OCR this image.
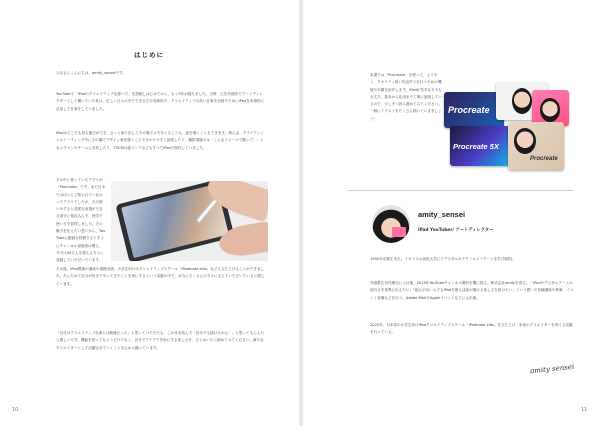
はじめに
みなさんこんにちは、amity_senseiです。
YouTubeで「iPadのクリエイティブな使い方」を投稿しはじめてから、もう3年が経ちました。当時、広告代理店でアートディレクターとして働いていた私は、忙しい日々の中でできるだけ効率的で、クリエイティブの高い仕事を目指すためにiPadを本格的に活用して仕事をしていました。
iPadはどこでも持ち運びができ、さっと取り出してその場でメモをとることも、絵を描くこともできます。例えば、クライアントとのミーティング中にその場でデザイン案を描くことで分かりやすく説明したり、撮影現場では「こんなイメージで撮って！」とカメラマンやチームに共有したり、TVCMの絵コンテなどもすべてiPadで制作していました。
その中に使っていたアプリが「Procreate」です。まだ日本ではほとんど知られていなかったアプリでしたが、その使いやすさと高度な表現ができる部分に惚れ込んで、独学で使い方を習得しました。その魅力を伝えたい思いから、YouTubeに動画を投稿するとすぐにチャンネル登録者は増え、今では30万人を超える方々に登録していただいています。
その後、iPad関連の講座や書籍出版、小学生向けのクリエイティブスクール「iPadmate kids」なども立ち上げることができました。あらためて自分が好きでやってきたことを形にするという活動の中で、本当にたくさんの方々に支えていただいていると感じています。
「自分はクリエイティブな事とは無縁だった」と思っていた方でも、この本を読んで「自分でも描けるかも！」と思ってもらえたら嬉しいです。機能を知ってもらうだけでなく、自分でアイデアを形にする楽しさを、ひらめいたら始めてみてください。新たなクリエイターとして活躍されていくことを心から願っています。
10
本書では「Procreate」を使って、ようやく、クオリティ高い作品作りを行うための機能や手順を紹介します。iPadが苦手な方でも大丈夫、基本から応用まで丁寧に説明しているので、少しずつ読み進めてみてください。一緒にイラストをたくさん描いていきましょう！
Procreate
Procreate 5X
Procreate
amity_sensei
iPad YouTuber/ アートディレクター
1992年京都生まれ。イギリスの高校大学にてデジタル＆テクノロジーアートを学び帰国。
外資系広告代理店に入社後、2019年YouTubeチャンネル開設を機に独立。株式会社amityを設立。「iPadやデジタルアートの面白さを世界に伝えたい」「絵心がない人でもiPadを使えば絵が描ける楽しさを届けたい」という想いで各種講座や執筆、イベント登壇などを行う。Adobe MAXやAppleイベントなどにも出演。
2022年、日本初の小学生向けiPadクリエイティブスクール「iPadmate kids」を立ち上げ、未来のクリエイターを育てる活動を行っている。
amity sensei
11
